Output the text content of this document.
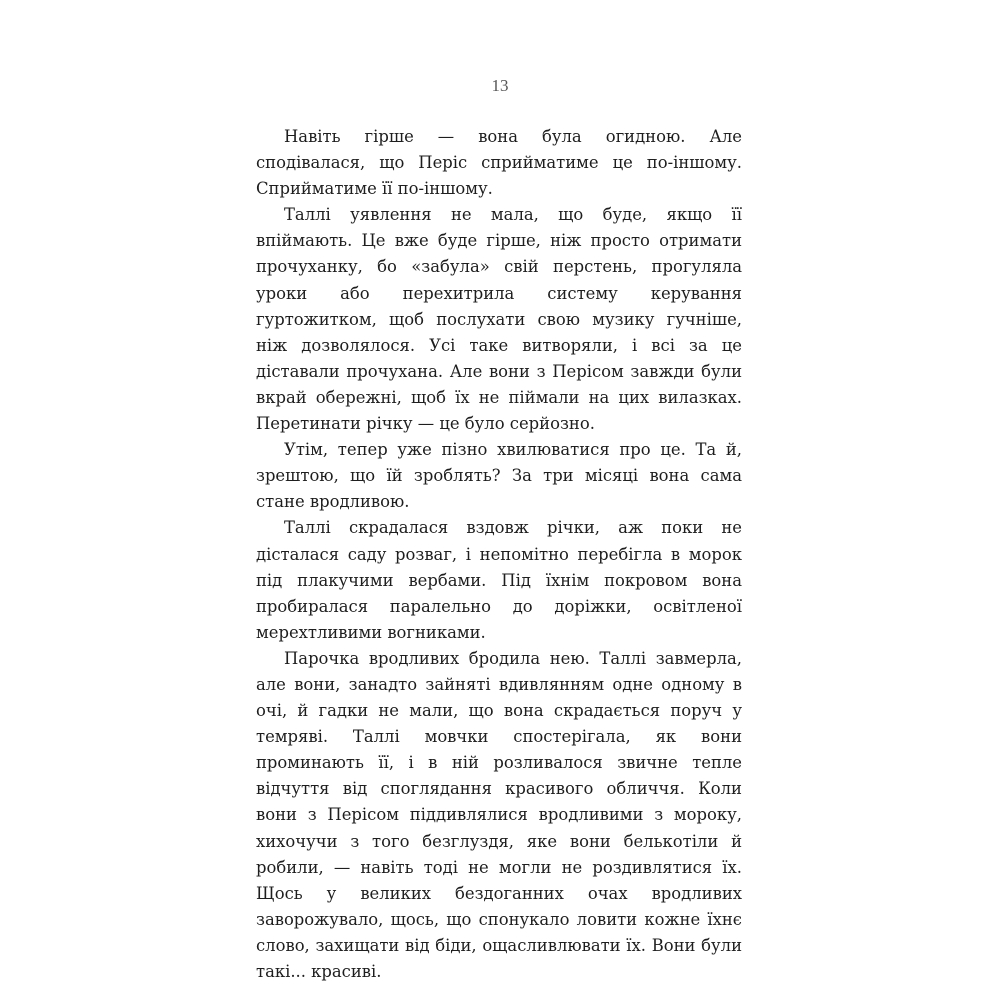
13

Навіть гірше — вона була огидною. Але сподівалася, що Періс сприйматиме це по-іншому. Сприйматиме її по-іншому.

Таллі уявлення не мала, що буде, якщо її впіймають. Це вже буде гірше, ніж просто отримати прочуханку, бо «забула» свій перстень, прогуляла уроки або перехитрила систему керування гуртожитком, щоб послухати свою музику гучніше, ніж дозволялося. Усі таке витворяли, і всі за це діставали прочухана. Але вони з Перісом завжди були вкрай обережні, щоб їх не піймали на цих вилазках. Перетинати річку — це було серйозно.

Утім, тепер уже пізно хвилюватися про це. Та й, зрештою, що їй зроблять? За три місяці вона сама стане вродливою.

Таллі скрадалася вздовж річки, аж поки не дісталася саду розваг, і непомітно перебігла в морок під плакучими вербами. Під їхнім покровом вона пробиралася паралельно до доріжки, освітленої мерехтливими вогниками.

Парочка вродливих бродила нею. Таллі завмерла, але вони, занадто зайняті вдивлянням одне одному в очі, й гадки не мали, що вона скрадається поруч у темряві. Таллі мовчки спостерігала, як вони проминають її, і в ній розливалося звичне тепле відчуття від споглядання красивого обличчя. Коли вони з Перісом піддивлялися вродливими з мороку, хихочучи з того безглуздя, яке вони белькотіли й робили, — навіть тоді не могли не роздивлятися їх. Щось у великих бездоганних очах вродливих заворожувало, щось, що спонукало ловити кожне їхнє слово, захищати від біди, ощасливлювати їх. Вони були такі... красиві.
